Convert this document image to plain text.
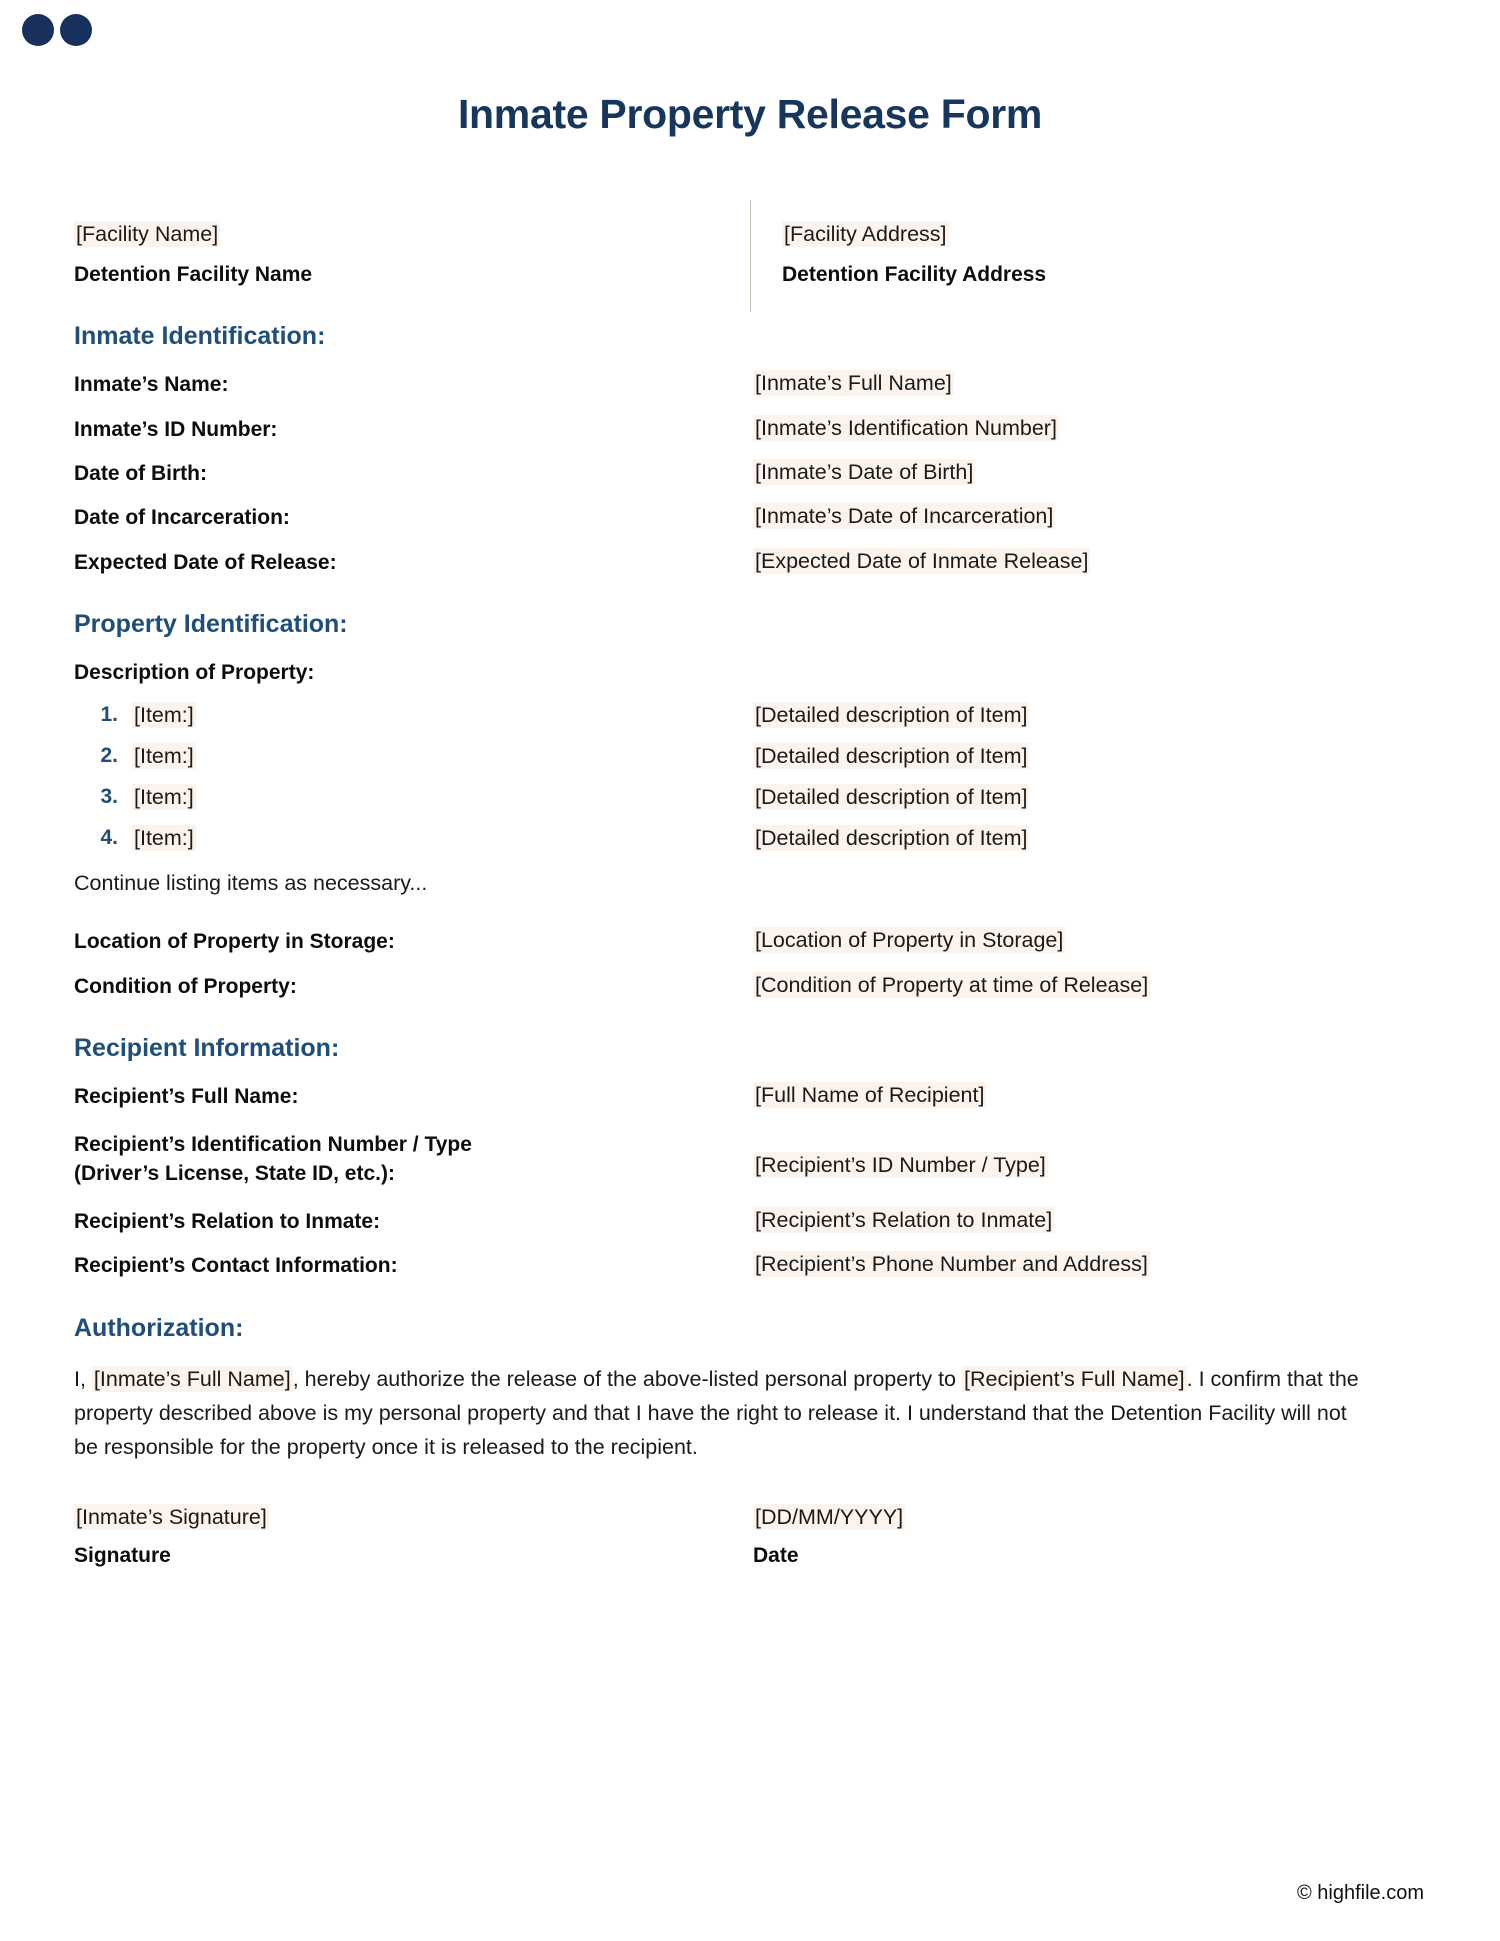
Inmate Property Release Form
[Facility Name]
Detention Facility Name
[Facility Address]
Detention Facility Address
Inmate Identification:
Inmate’s Name:	[Inmate’s Full Name]
Inmate’s ID Number:	[Inmate’s Identification Number]
Date of Birth:	[Inmate’s Date of Birth]
Date of Incarceration:	[Inmate’s Date of Incarceration]
Expected Date of Release:	[Expected Date of Inmate Release]
Property Identification:
Description of Property:
1. [Item:]	[Detailed description of Item]
2. [Item:]	[Detailed description of Item]
3. [Item:]	[Detailed description of Item]
4. [Item:]	[Detailed description of Item]
Continue listing items as necessary...
Location of Property in Storage:	[Location of Property in Storage]
Condition of Property:	[Condition of Property at time of Release]
Recipient Information:
Recipient’s Full Name:	[Full Name of Recipient]
Recipient’s Identification Number / Type
(Driver’s License, State ID, etc.):	[Recipient’s ID Number / Type]
Recipient’s Relation to Inmate:	[Recipient’s Relation to Inmate]
Recipient’s Contact Information:	[Recipient’s Phone Number and Address]
Authorization:
I, [Inmate’s Full Name], hereby authorize the release of the above-listed personal property to [Recipient’s Full Name]. I confirm that the property described above is my personal property and that I have the right to release it. I understand that the Detention Facility will not be responsible for the property once it is released to the recipient.
[Inmate’s Signature]
Signature
[DD/MM/YYYY]
Date
© highfile.com
